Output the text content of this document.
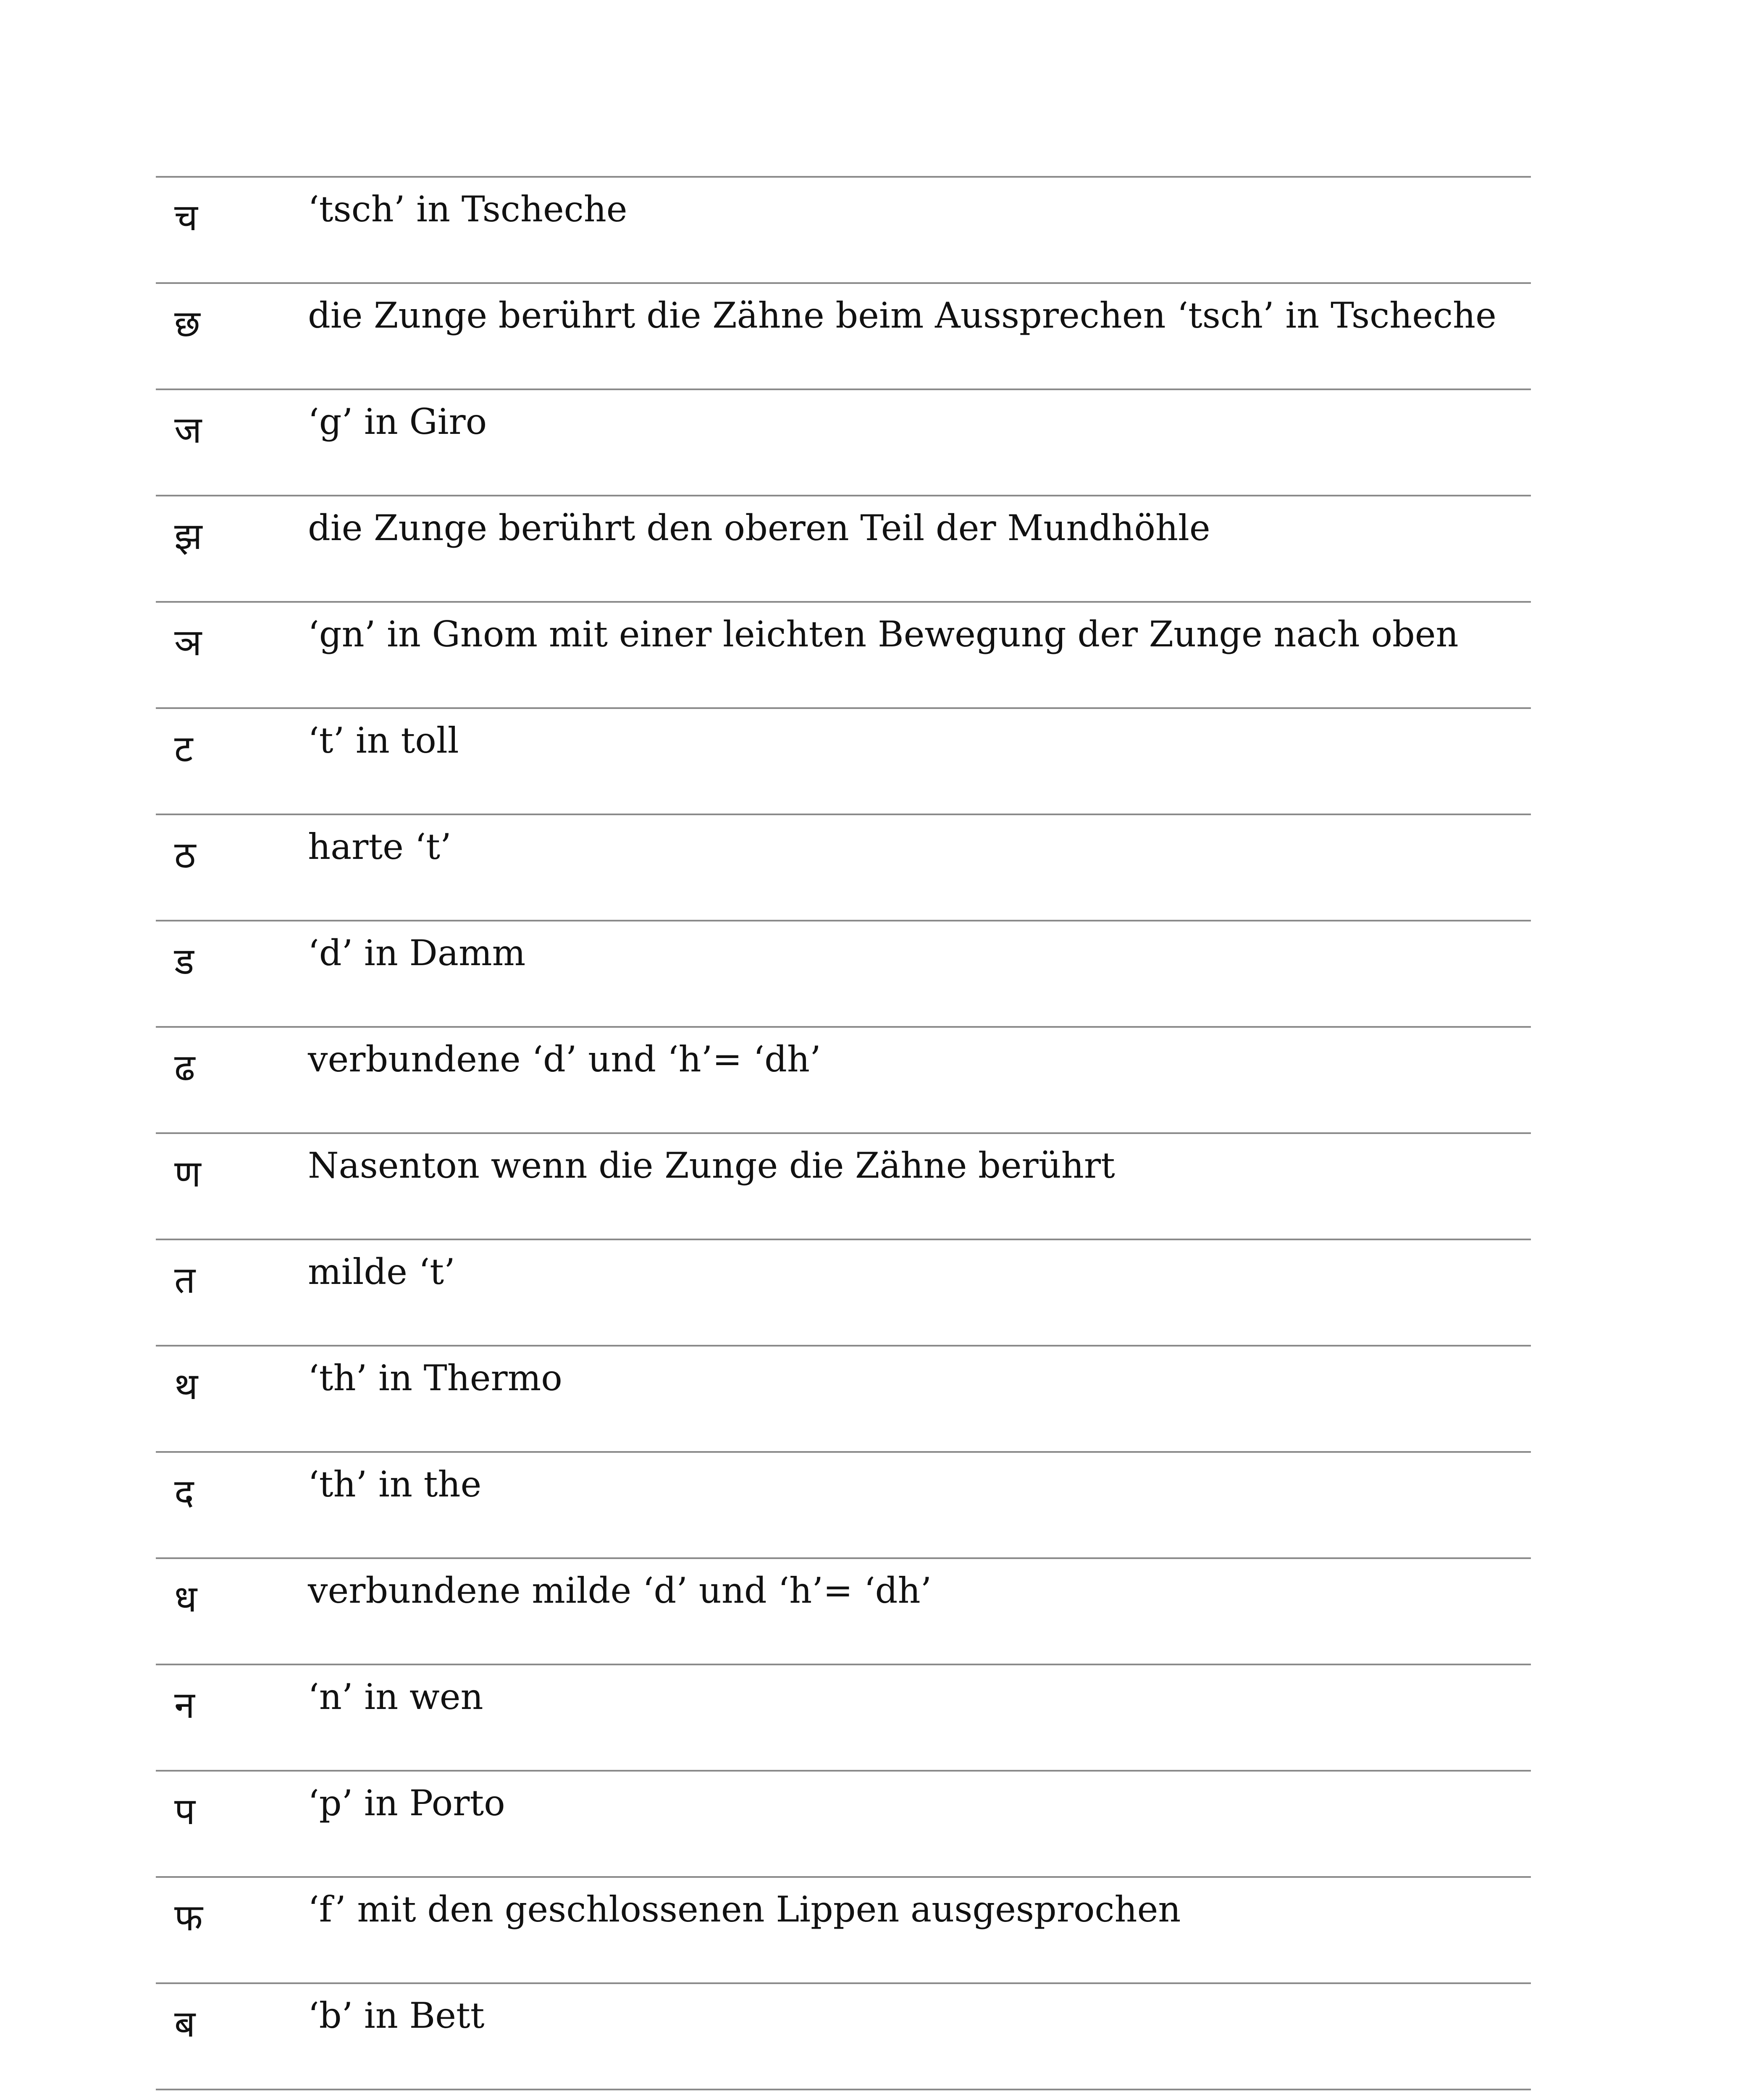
च	‘tsch’ in Tscheche
छ	die Zunge berührt die Zähne beim Aussprechen ‘tsch’ in Tscheche
ज	‘g’ in Giro
झ	die Zunge berührt den oberen Teil der Mundhöhle
ञ	‘gn’ in Gnom mit einer leichten Bewegung der Zunge nach oben
ट	‘t’ in toll
ठ	harte ‘t’
ड	‘d’ in Damm
ढ	verbundene ‘d’ und ‘h’= ‘dh’
ण	Nasenton wenn die Zunge die Zähne berührt
त	milde ‘t’
थ	‘th’ in Thermo
द	‘th’ in the
ध	verbundene milde ‘d’ und ‘h’= ‘dh’
न	‘n’ in wen
प	‘p’ in Porto
फ	‘f’ mit den geschlossenen Lippen ausgesprochen
ब	‘b’ in Bett
